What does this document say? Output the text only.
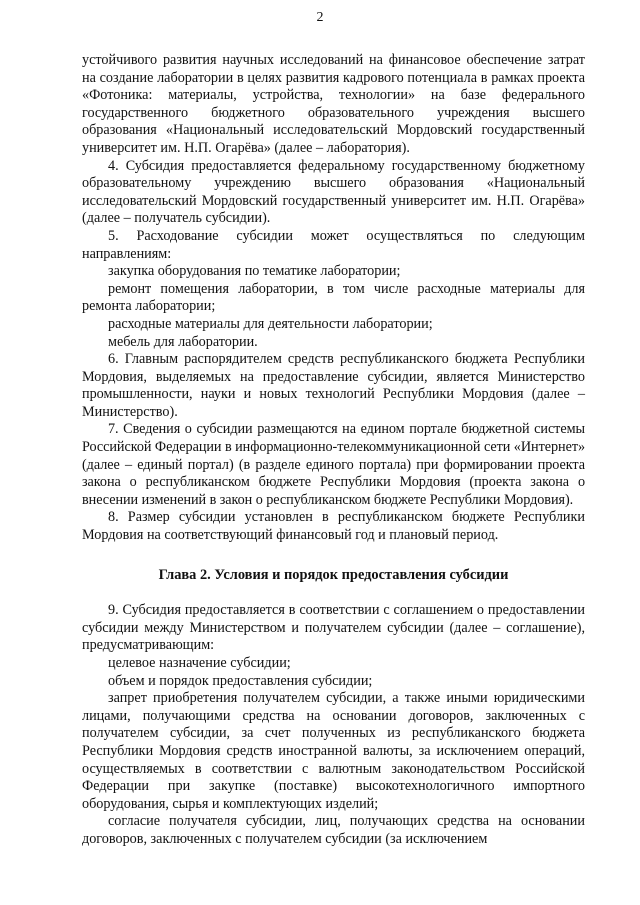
2

устойчивого развития научных исследований на финансовое обеспечение затрат на создание лаборатории в целях развития кадрового потенциала в рамках проекта «Фотоника: материалы, устройства, технологии» на базе федерального государственного бюджетного образовательного учреждения высшего образования «Национальный исследовательский Мордовский государственный университет им. Н.П. Огарёва» (далее – лаборатория).

4. Субсидия предоставляется федеральному государственному бюджетному образовательному учреждению высшего образования «Национальный исследовательский Мордовский государственный университет им. Н.П. Огарёва» (далее – получатель субсидии).

5. Расходование субсидии может осуществляться по следующим направлениям:

закупка оборудования по тематике лаборатории;

ремонт помещения лаборатории, в том числе расходные материалы для ремонта лаборатории;

расходные материалы для деятельности лаборатории;

мебель для лаборатории.

6. Главным распорядителем средств республиканского бюджета Республики Мордовия, выделяемых на предоставление субсидии, является Министерство промышленности, науки и новых технологий Республики Мордовия (далее – Министерство).

7. Сведения о субсидии размещаются на едином портале бюджетной системы Российской Федерации в информационно-телекоммуникационной сети «Интернет» (далее – единый портал) (в разделе единого портала) при формировании проекта закона о республиканском бюджете Республики Мордовия (проекта закона о внесении изменений в закон о республиканском бюджете Республики Мордовия).

8. Размер субсидии установлен в республиканском бюджете Республики Мордовия на соответствующий финансовый год и плановый период.

Глава 2. Условия и порядок предоставления субсидии

9. Субсидия предоставляется в соответствии с соглашением о предоставлении субсидии между Министерством и получателем субсидии (далее – соглашение), предусматривающим:

целевое назначение субсидии;

объем и порядок предоставления субсидии;

запрет приобретения получателем субсидии, а также иными юридическими лицами, получающими средства на основании договоров, заключенных с получателем субсидии, за счет полученных из республиканского бюджета Республики Мордовия средств иностранной валюты, за исключением операций, осуществляемых в соответствии с валютным законодательством Российской Федерации при закупке (поставке) высокотехнологичного импортного оборудования, сырья и комплектующих изделий;

согласие получателя субсидии, лиц, получающих средства на основании договоров, заключенных с получателем субсидии (за исключением
